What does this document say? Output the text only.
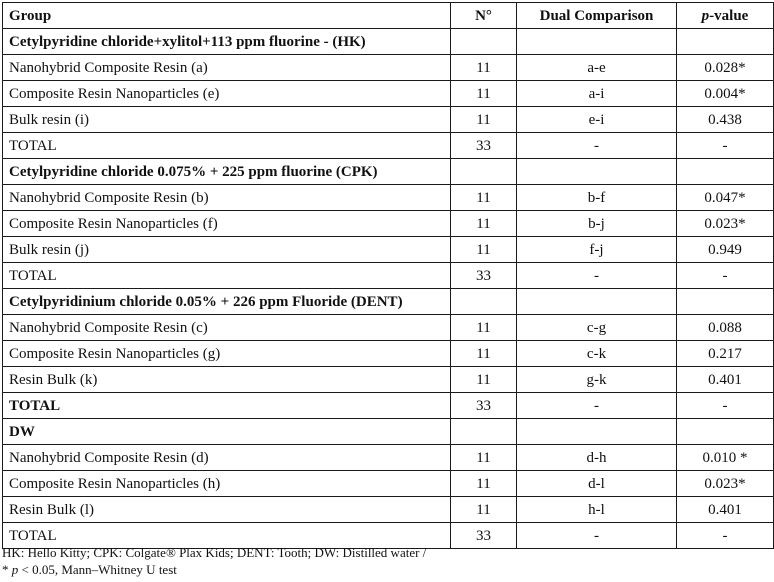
Group	N°	Dual Comparison	p-value
Cetylpyridine chloride+xylitol+113 ppm fluorine - (HK)			
Nanohybrid Composite Resin (a)	11	a-e	0.028*
Composite Resin Nanoparticles (e)	11	a-i	0.004*
Bulk resin (i)	11	e-i	0.438
TOTAL	33	-	-
Cetylpyridine chloride 0.075% + 225 ppm fluorine (CPK)			
Nanohybrid Composite Resin (b)	11	b-f	0.047*
Composite Resin Nanoparticles (f)	11	b-j	0.023*
Bulk resin (j)	11	f-j	0.949
TOTAL	33	-	-
Cetylpyridinium chloride 0.05% + 226 ppm Fluoride (DENT)			
Nanohybrid Composite Resin (c)	11	c-g	0.088
Composite Resin Nanoparticles (g)	11	c-k	0.217
Resin Bulk (k)	11	g-k	0.401
TOTAL	33	-	-
DW			
Nanohybrid Composite Resin (d)	11	d-h	0.010 *
Composite Resin Nanoparticles (h)	11	d-l	0.023*
Resin Bulk (l)	11	h-l	0.401
TOTAL	33	-	-
HK: Hello Kitty; CPK: Colgate® Plax Kids; DENT: Tooth; DW: Distilled water /
* p < 0.05, Mann–Whitney U test
